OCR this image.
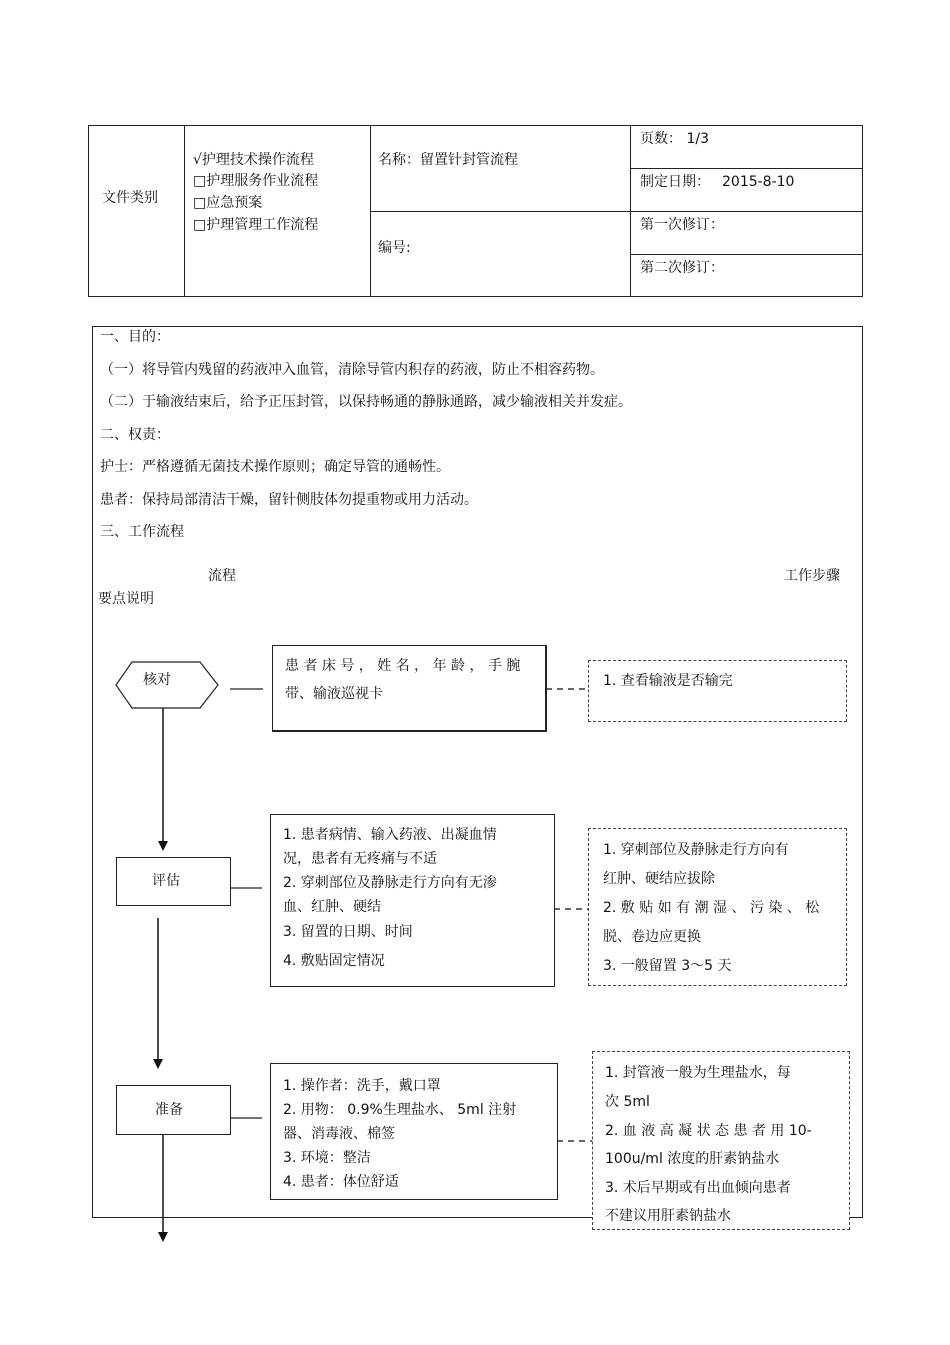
文件类别
√护理技术操作流程
□护理服务作业流程
□应急预案
□护理管理工作流程
名称：留置针封管流程
编号:
页数： 1/3
制定日期： 2015-8-10
第一次修订：
第二次修订：
一、目的：
（一）将导管内残留的药液冲入血管，清除导管内积存的药液，防止不相容药物。
（二）于输液结束后，给予正压封管，以保持畅通的静脉通路，减少输液相关并发症。
二、权责：
护士：严格遵循无菌技术操作原则；确定导管的通畅性。
患者：保持局部清洁干燥，留针侧肢体勿提重物或用力活动。
三、工作流程
流程	工作步骤
要点说明
核对
患 者 床 号 ， 姓 名 ， 年 龄 ， 手 腕
带、输液巡视卡
1. 查看输液是否输完
评估
1. 患者病情、输入药液、出凝血情
况，患者有无疼痛与不适
2. 穿刺部位及静脉走行方向有无渗
血、红肿、硬结
3. 留置的日期、时间
4. 敷贴固定情况
1. 穿刺部位及静脉走行方向有
红肿、硬结应拔除
2. 敷 贴 如 有 潮 湿 、 污 染 、 松
脱、卷边应更换
3. 一般留置 3～5 天
准备
1. 操作者：洗手，戴口罩
2. 用物： 0.9%生理盐水、 5ml 注射
器、消毒液、棉签
3. 环境：整洁
4. 患者：体位舒适
1. 封管液一般为生理盐水，每
次 5ml
2. 血 液 高 凝 状 态 患 者 用 10-
100u/ml 浓度的肝素钠盐水
3. 术后早期或有出血倾向患者
不建议用肝素钠盐水
